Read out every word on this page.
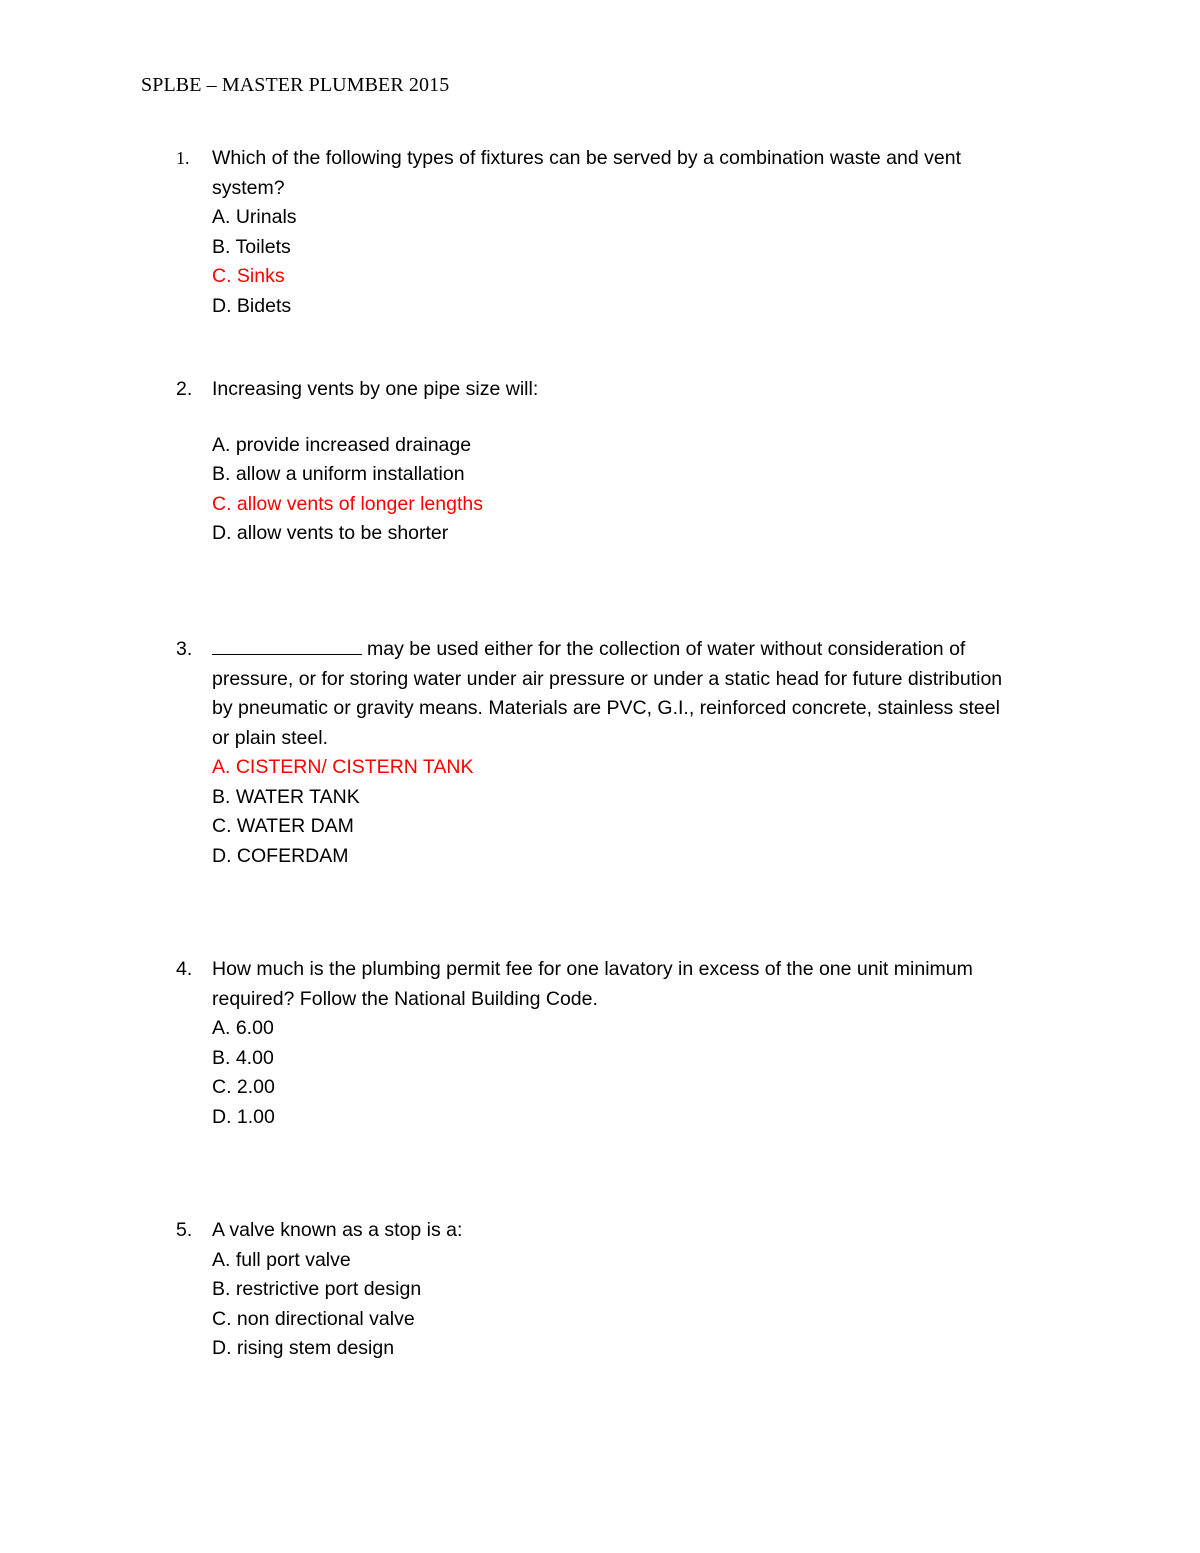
SPLBE – MASTER PLUMBER 2015
1. Which of the following types of fixtures can be served by a combination waste and vent
system?
A. Urinals
B. Toilets
C. Sinks
D. Bidets
2. Increasing vents by one pipe size will:
A. provide increased drainage
B. allow a uniform installation
C. allow vents of longer lengths
D. allow vents to be shorter
3.	may be used either for the collection of water without consideration of
pressure, or for storing water under air pressure or under a static head for future distribution
by pneumatic or gravity means. Materials are PVC, G.I., reinforced concrete, stainless steel
or plain steel.
A. CISTERN/ CISTERN TANK
B. WATER TANK
C. WATER DAM
D. COFERDAM
4. How much is the plumbing permit fee for one lavatory in excess of the one unit minimum
required? Follow the National Building Code.
A. 6.00
B. 4.00
C. 2.00
D. 1.00
5. A valve known as a stop is a:
A. full port valve
B. restrictive port design
C. non directional valve
D. rising stem design
